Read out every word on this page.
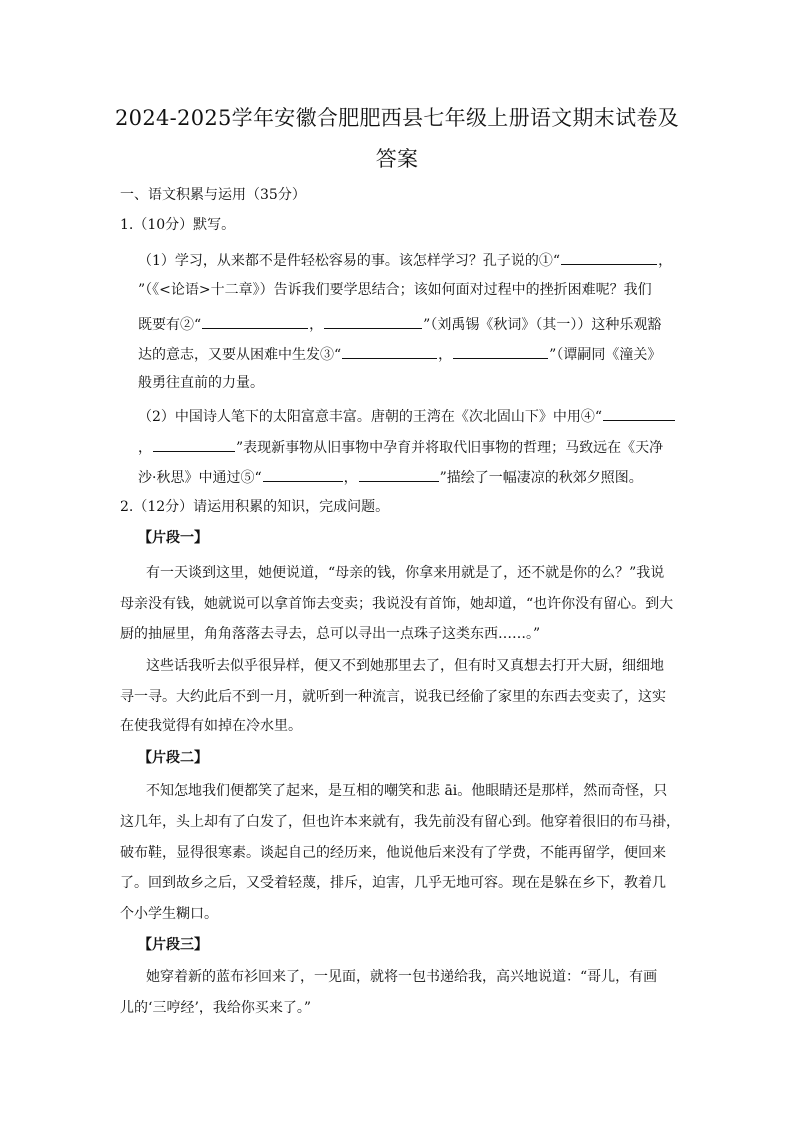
2024-2025学年安徽合肥肥西县七年级上册语文期末试卷及
答案
一、语文积累与运用（35分）
1.（10分）默写。
（1）学习，从来都不是件轻松容易的事。该怎样学习？孔子说的①“	，
”（《<论语>十二章》）告诉我们要学思结合；该如何面对过程中的挫折困难呢？我们
既要有②“	，	”（刘禹锡《秋词》（其一））这种乐观豁
达的意志，又要从困难中生发③“	，	”（谭嗣同《潼关》
般勇往直前的力量。
（2）中国诗人笔下的太阳富意丰富。唐朝的王湾在《次北固山下》中用④“
，	”表现新事物从旧事物中孕育并将取代旧事物的哲理；马致远在《天净
沙·秋思》中通过⑤“	，	”描绘了一幅凄凉的秋郊夕照图。
2.（12分）请运用积累的知识，完成问题。
【片段一】
有一天谈到这里，她便说道，“母亲的钱，你拿来用就是了，还不就是你的么？”我说
母亲没有钱，她就说可以拿首饰去变卖；我说没有首饰，她却道，“也许你没有留心。到大
厨的抽屉里，角角落落去寻去，总可以寻出一点珠子这类东西……。”
这些话我听去似乎很异样，便又不到她那里去了，但有时又真想去打开大厨，细细地
寻一寻。大约此后不到一月，就听到一种流言，说我已经偷了家里的东西去变卖了，这实
在使我觉得有如掉在冷水里。
【片段二】
不知怎地我们便都笑了起来，是互相的嘲笑和悲 āi。他眼睛还是那样，然而奇怪，只
这几年，头上却有了白发了，但也许本来就有，我先前没有留心到。他穿着很旧的布马褂，
破布鞋，显得很寒素。谈起自己的经历来，他说他后来没有了学费，不能再留学，便回来
了。回到故乡之后，又受着轻蔑，排斥，迫害，几乎无地可容。现在是躲在乡下，教着几
个小学生糊口。
【片段三】
她穿着新的蓝布衫回来了，一见面，就将一包书递给我，高兴地说道：“哥儿，有画
儿的‘三哼经’，我给你买来了。”
